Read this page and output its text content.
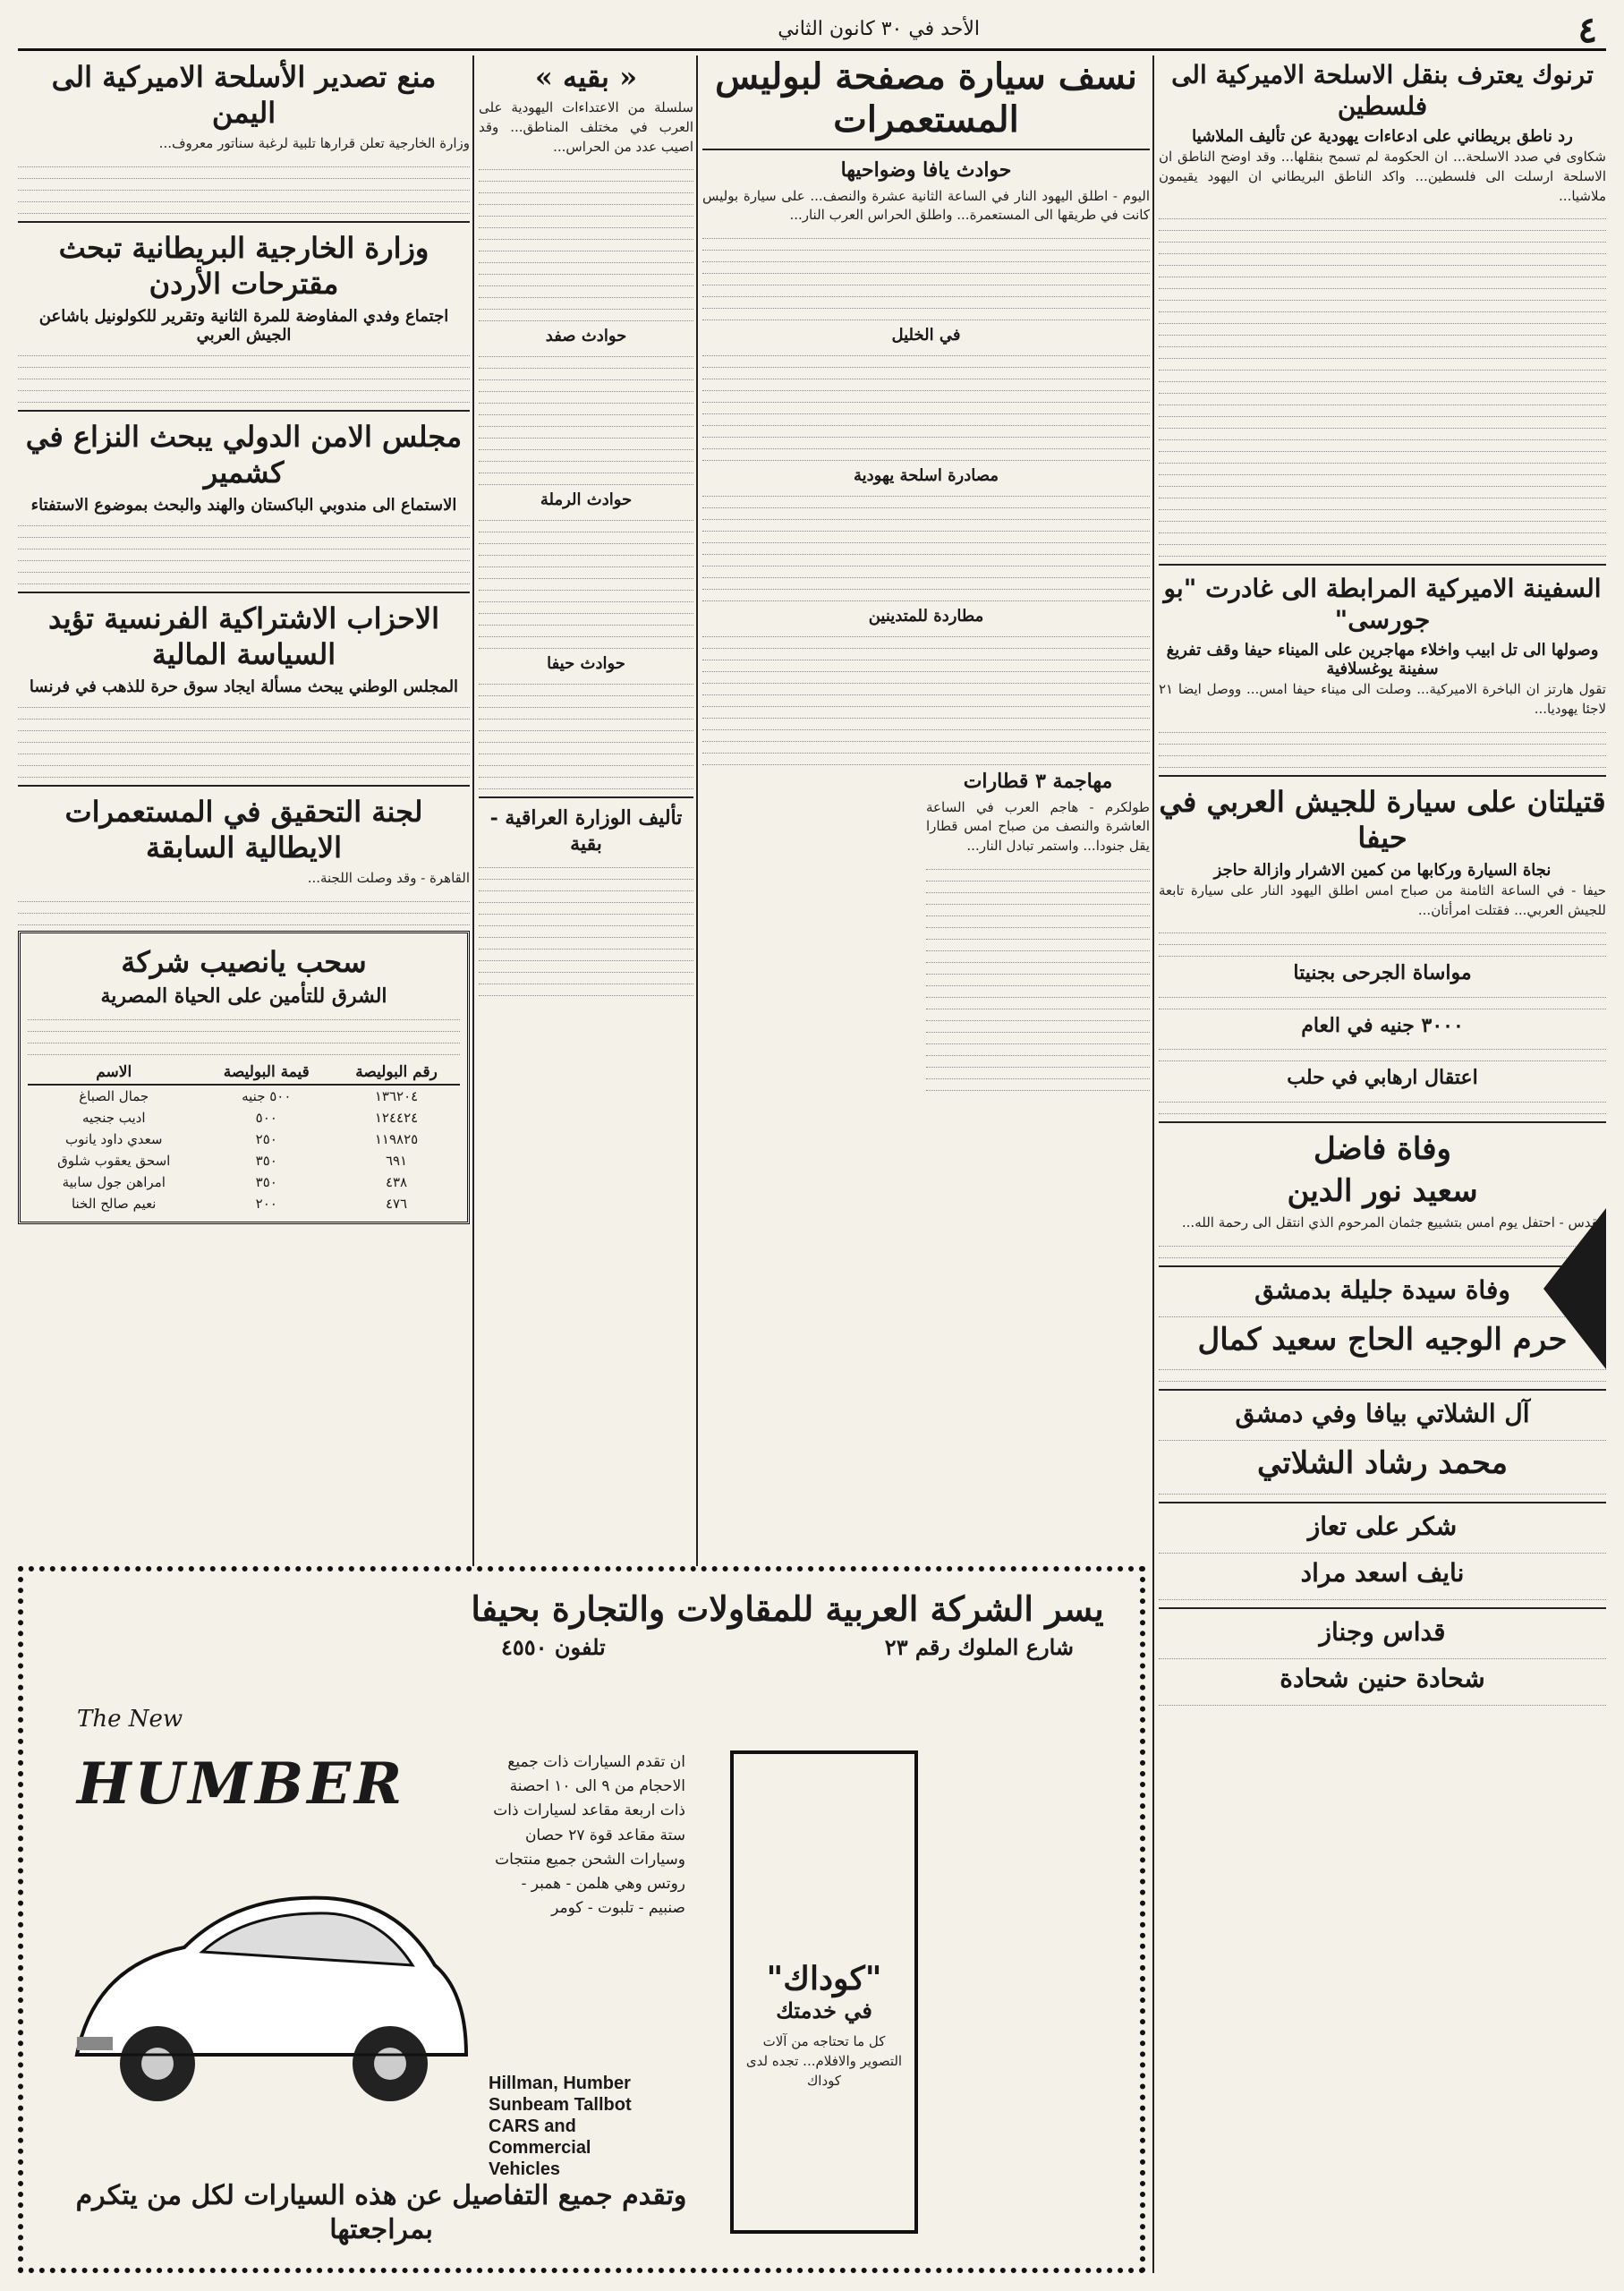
٤
الأحد في ٣٠ كانون الثاني
ترنوك يعترف بنقل الاسلحة الاميركية الى فلسطين
رد ناطق بريطاني على ادعاءات يهودية عن تأليف الملاشيا

شكاوى في صدد الاسلحة... ان الحكومة لم تسمح بنقلها... وقد اوضح الناطق ان الاسلحة ارسلت الى فلسطين... واكد الناطق البريطاني ان اليهود يقيمون ملاشيا...

السفينة الاميركية المرابطة الى غادرت "بو جورسى"
وصولها الى تل ابيب واخلاء مهاجرين على الميناء حيفا وقف تفريغ سفينة يوغسلافية

تقول هارتز ان الباخرة الاميركية... وصلت الى ميناء حيفا امس... ووصل ايضا ٢١ لاجئا يهوديا...

قتيلتان على سيارة للجيش العربي في حيفا
نجاة السيارة وركابها من كمين الاشرار وازالة حاجز

حيفا - في الساعة الثامنة من صباح امس اطلق اليهود النار على سيارة تابعة للجيش العربي... فقتلت امرأتان...

مواساة الجرحى بجنيتا
٣٠٠٠ جنيه في العام
اعتقال ارهابي في حلب
وفاة فاضل
سعيد نور الدين

القدس - احتفل يوم امس بتشييع جثمان المرحوم الذي انتقل الى رحمة الله...

وفاة سيدة جليلة بدمشق
حرم الوجيه الحاج سعيد كمال
آل الشلاتي بيافا وفي دمشق
محمد رشاد الشلاتي
شكر على تعاز
نايف اسعد مراد
قداس وجناز
شحادة حنين شحادة
نسف سيارة مصفحة لبوليس المستعمرات
حوادث يافا وضواحيها

اليوم - اطلق اليهود النار في الساعة الثانية عشرة والنصف... على سيارة بوليس كانت في طريقها الى المستعمرة... واطلق الحراس العرب النار...

في الخليل
مصادرة اسلحة يهودية
مطاردة للمتدينين
مهاجمة ٣ قطارات

طولكرم - هاجم العرب في الساعة العاشرة والنصف من صباح امس قطارا يقل جنودا... واستمر تبادل النار...

« بقيه »

سلسلة من الاعتداءات اليهودية على العرب في مختلف المناطق... وقد اصيب عدد من الحراس...

حوادث صفد
حوادث الرملة
حوادث حيفا
تأليف الوزارة العراقية - بقية
منع تصدير الأسلحة الاميركية الى اليمن

وزارة الخارجية تعلن قرارها تلبية لرغبة سناتور معروف...

وزارة الخارجية البريطانية تبحث مقترحات الأردن
اجتماع وفدي المفاوضة للمرة الثانية وتقرير للكولونيل باشاعن الجيش العربي
مجلس الامن الدولي يبحث النزاع في كشمير
الاستماع الى مندوبي الباكستان والهند والبحث بموضوع الاستفتاء
الاحزاب الاشتراكية الفرنسية تؤيد السياسة المالية
المجلس الوطني يبحث مسألة ايجاد سوق حرة للذهب في فرنسا
لجنة التحقيق في المستعمرات الايطالية السابقة

القاهرة - وقد وصلت اللجنة...

سحب يانصيب شركة
الشرق للتأمين على الحياة المصرية
رقم البوليصة	قيمة البوليصة	الاسم
١٣٦٢٠٤	٥٠٠ جنيه	جمال الصباغ
١٢٤٤٢٤	٥٠٠	اديب جنجيه
١١٩٨٢٥	٢٥٠	سعدي داود يانوب
٦٩١	٣٥٠	اسحق يعقوب شلوق
٤٣٨	٣٥٠	امراهن جول سابية
٤٧٦	٢٠٠	نعيم صالح الخنا
يسر الشركة العربية للمقاولات والتجارة بحيفا
شارع الملوك رقم ٢٣
تلفون ٤٥٥٠
The New
HUMBER	ان تقدم السيارات ذات جميع الاحجام من ٩ الى ١٠ احصنة ذات اربعة مقاعد لسيارات ذات ستة مقاعد قوة ٢٧ حصان وسيارات الشحن جميع منتجات روتس وهي هلمن - همبر - صنبيم - تلبوت - كومر
Hillman, Humber Sunbeam Tallbot CARS and Commercial Vehicles
"كوداك"
في خدمتك

كل ما تحتاجه من آلات التصوير والافلام... تجده لدى كوداك

وتقدم جميع التفاصيل عن هذه السيارات لكل من يتكرم بمراجعتها
